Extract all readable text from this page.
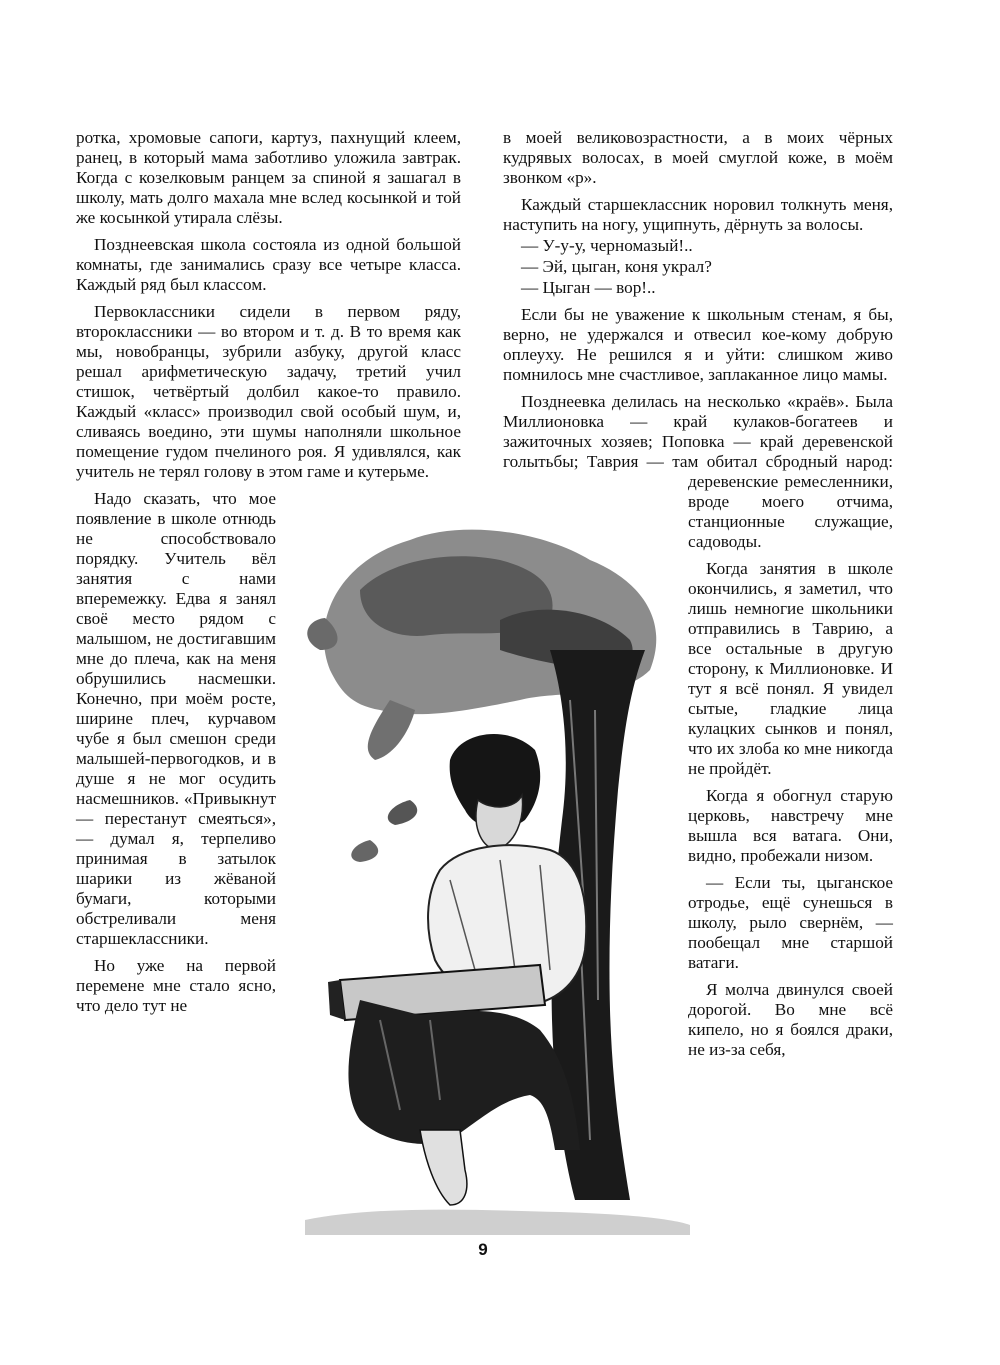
ротка, хромовые сапоги, картуз, пахнущий клеем, ранец, в который мама заботливо уложила завтрак. Когда с козелковым ранцем за спиной я зашагал в школу, мать долго махала мне вслед косынкой и той же косынкой утирала слёзы.

Позднеевская школа состояла из одной большой комнаты, где занимались сразу все четыре класса. Каждый ряд был классом.

Первоклассники сидели в первом ряду, второклассники — во втором и т. д. В то время как мы, новобранцы, зубрили азбуку, другой класс решал арифметическую задачу, третий учил стишок, четвёртый долбил какое-то правило. Каждый «класс» производил свой особый шум, и, сливаясь воедино, эти шумы наполняли школьное помещение гудом пчелиного роя. Я удивлялся, как учитель не терял голову в этом гаме и кутерьме.

Надо сказать, что мое появление в школе отнюдь не способствовало порядку. Учитель вёл занятия с нами вперемежку. Едва я занял своё место рядом с малышом, не достигавшим мне до плеча, как на меня обрушились насмешки. Конечно, при моём росте, ширине плеч, курчавом чубе я был смешон среди малышей-первогодков, и в душе я не мог осудить насмешников. «Привыкнут — перестанут смеяться», — думал я, терпеливо принимая в затылок шарики из жёваной бумаги, которыми обстреливали меня старшеклассники.

Но уже на первой перемене мне стало ясно, что дело тут не

в моей великовозрастности, а в моих чёрных кудрявых волосах, в моей смуглой коже, в моём звонком «р».

Каждый старшеклассник норовил толкнуть меня, наступить на ногу, ущипнуть, дёрнуть за волосы.

— У-у-у, черномазый!..

— Эй, цыган, коня украл?

— Цыган — вор!..

Если бы не уважение к школьным стенам, я бы, верно, не удержался и отвесил кое-кому добрую оплеуху. Не решился я и уйти: слишком живо помнилось мне счастливое, заплаканное лицо мамы.

Позднеевка делилась на несколько «краёв». Была Миллионовка — край кулаков-богатеев и зажиточных хозяев; Поповка — край деревенской голытьбы; Таврия — там обитал сбродный народ: деревенские ремесленники, вроде моего отчима, станционные служащие, садоводы.

Когда занятия в школе окончились, я заметил, что лишь немногие школьники отправились в Таврию, а все остальные в другую сторону, к Миллионовке. И тут я всё понял. Я увидел сытые, гладкие лица кулацких сынков и понял, что их злоба ко мне никогда не пройдёт.

Когда я обогнул старую церковь, навстречу мне вышла вся ватага. Они, видно, пробежали низом.

— Если ты, цыганское отродье, ещё сунешься в школу, рыло свернём, — пообещал мне старшой ватаги.

Я молча двинулся своей дорогой. Во мне всё кипело, но я боялся драки, не из-за себя,

9
